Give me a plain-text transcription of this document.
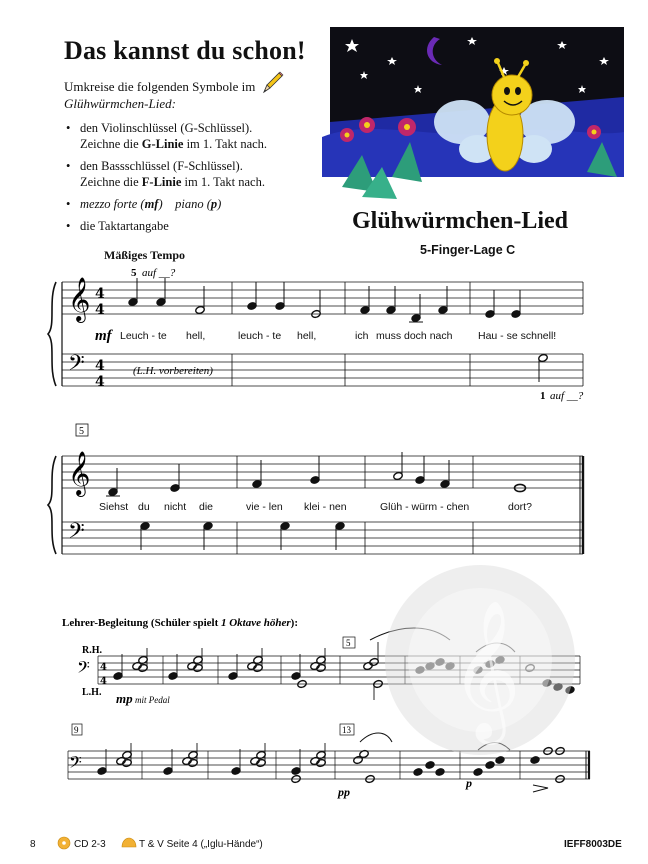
Das kannst du schon!
Umkreise die folgenden Symbole im
Glühwürmchen-Lied:
• den Violinschlüssel (G-Schlüssel).
Zeichne die G-Linie im 1. Takt nach.
• den Bassschlüssel (F-Schlüssel).
Zeichne die F-Linie im 1. Takt nach.
• mezzo forte (mf) piano (p)
• die Taktartangabe	Glühwürmchen-Lied
5-Finger-Lage C
Mäßiges Tempo
𝄞
𝄢
4
4
4
4
5 auf __?
mf Leuch - te hell,	leuch - te hell,	ich muss doch nach Hau - se schnell!
(L.H. vorbereiten)
1 auf __?
5
𝄞
𝄢
Siehst du nicht die	vie - len klei - nen	Glüh - würm - chen	dort?
𝄢
𝄢
4
4
Lehrer-Begleitung (Schüler spielt 1 Oktave höher):
R.H.
L.H. mp mit Pedal
5
9	13
pp
p
𝄞
8	CD 2-3	T & V Seite 4 („Iglu-Hände“)	IEFF8003DE
